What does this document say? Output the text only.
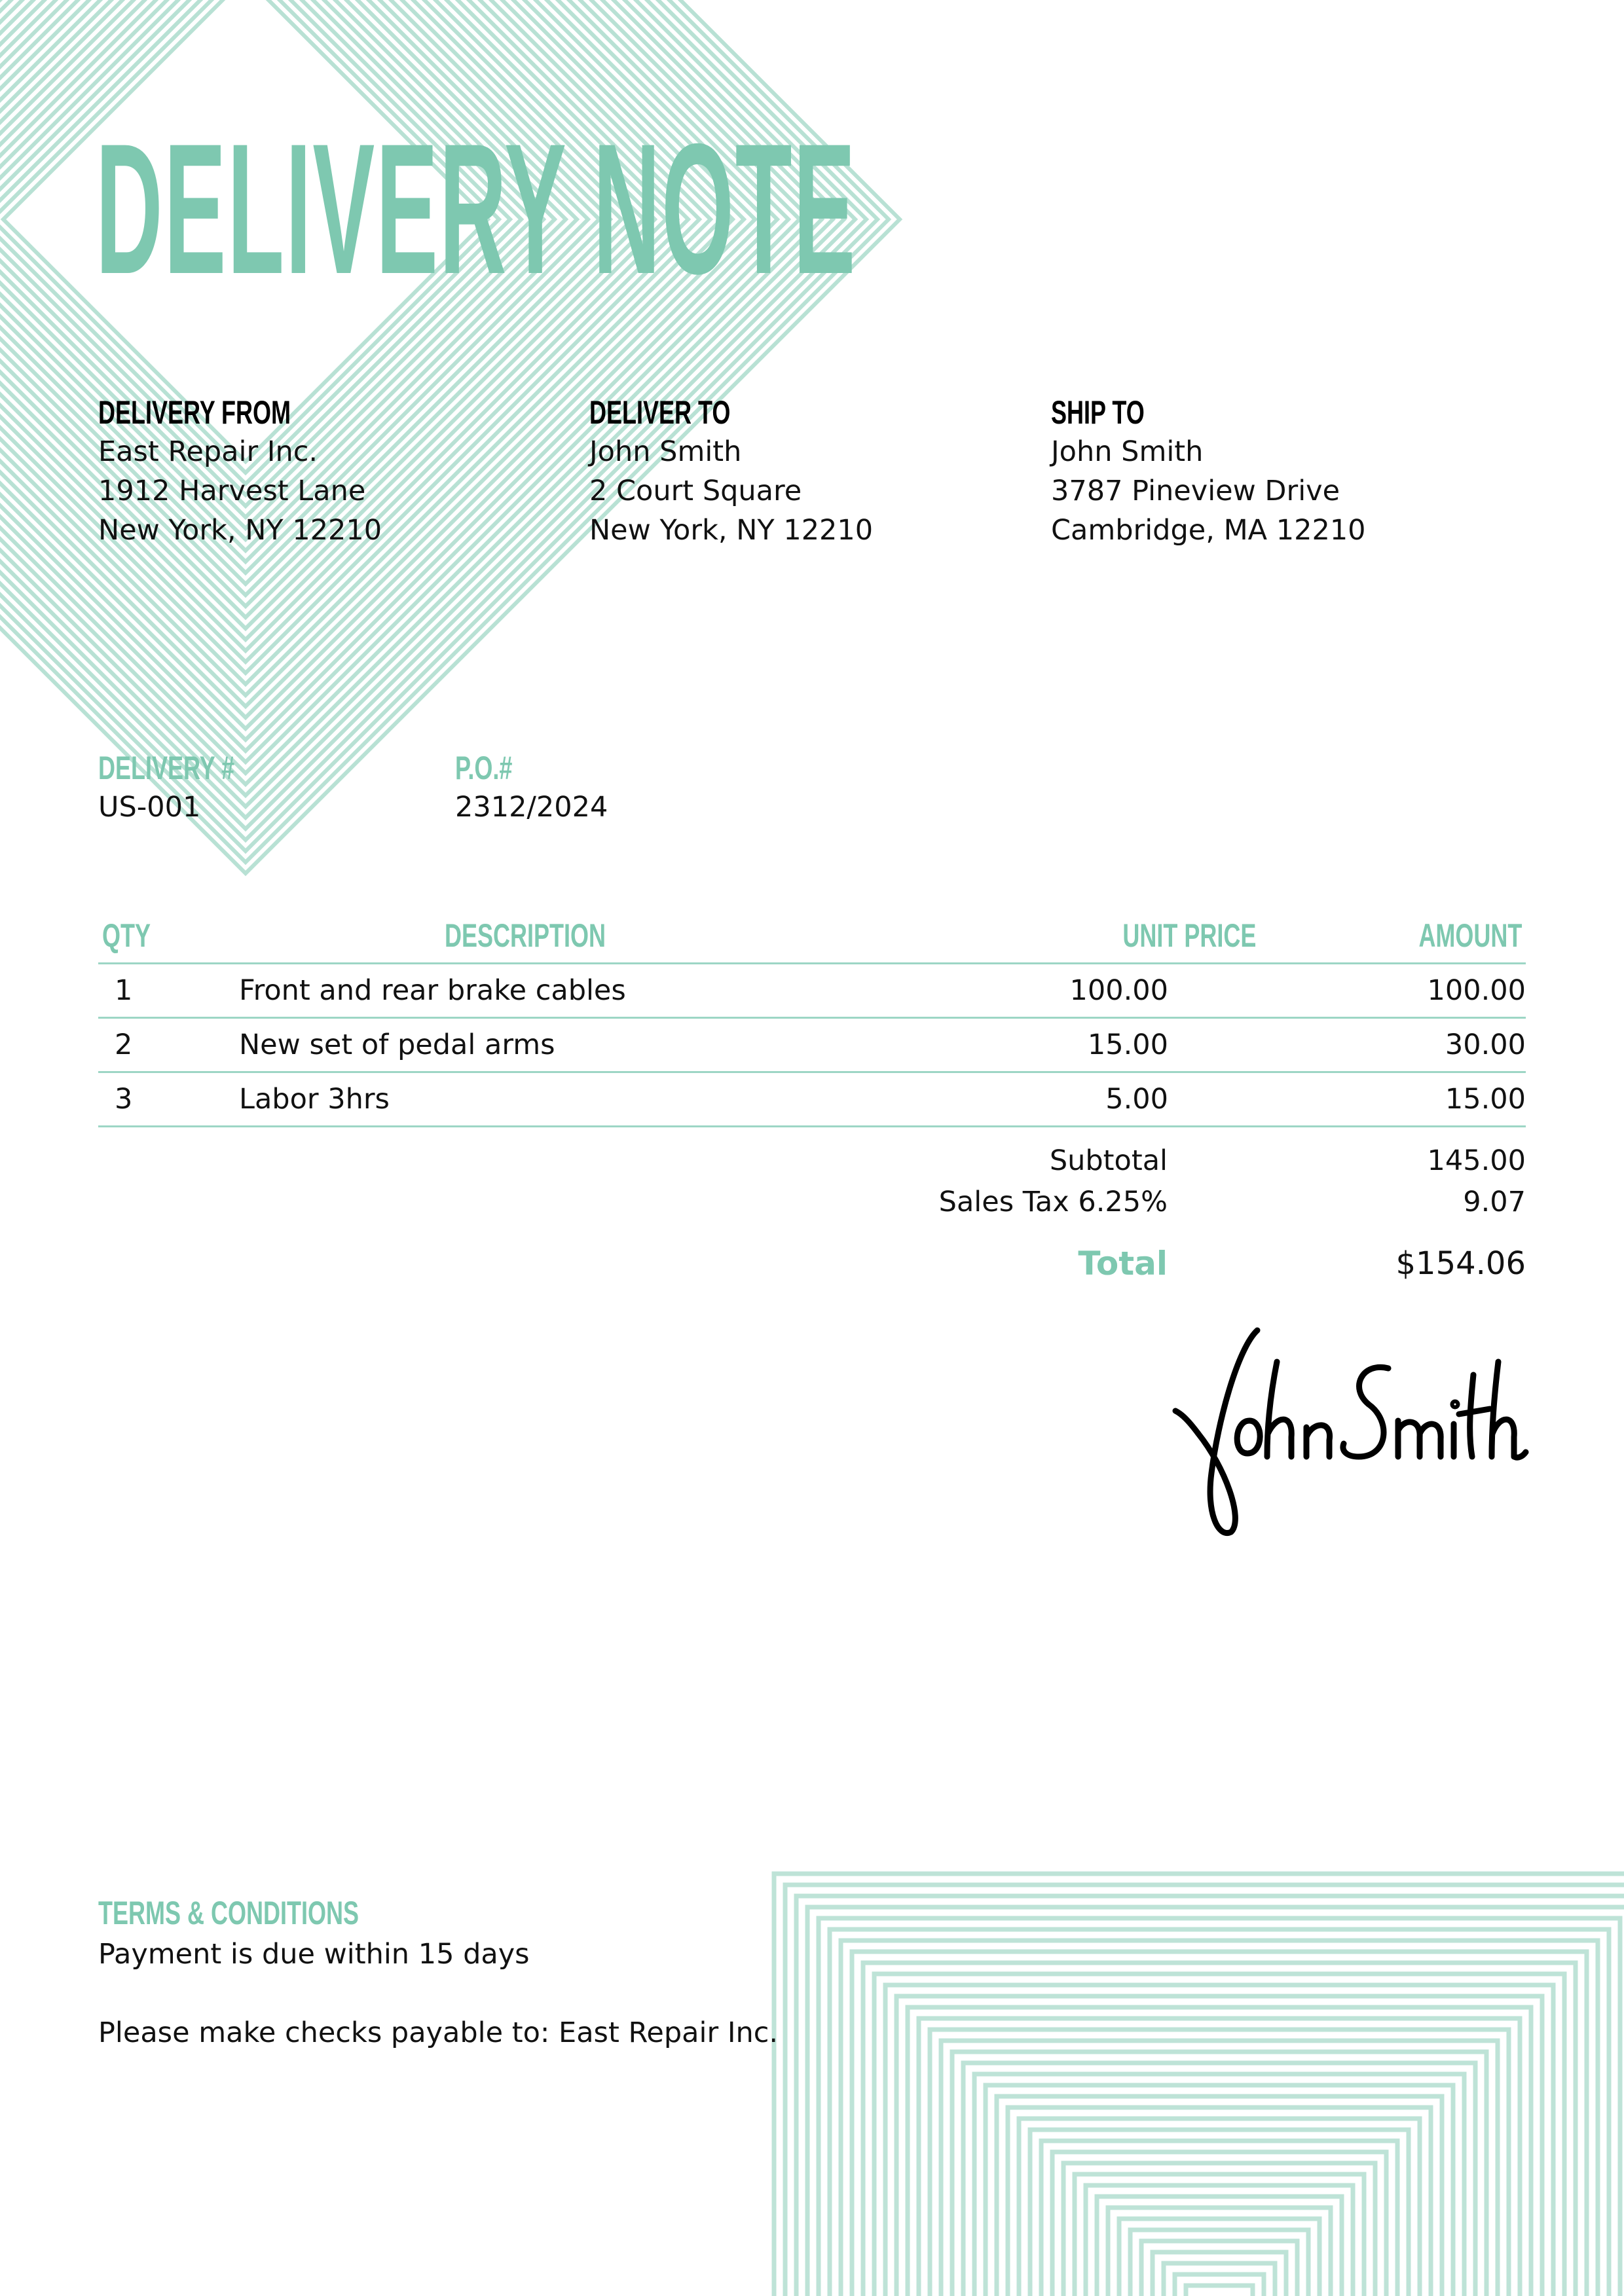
DELIVERY NOTE
DELIVERY FROM
East Repair Inc.
1912 Harvest Lane
New York, NY 12210
DELIVER TO
John Smith
2 Court Square
New York, NY 12210
SHIP TO
John Smith
3787 Pineview Drive
Cambridge, MA 12210
DELIVERY #
US-001
P.O.#
2312/2024
QTY	DESCRIPTION	UNIT PRICE	AMOUNT
1	Front and rear brake cables	100.00	100.00
2	New set of pedal arms	15.00	30.00
3	Labor 3hrs	5.00	15.00
Subtotal	145.00
Sales Tax 6.25%	9.07
Total	$154.06
TERMS & CONDITIONS
Payment is due within 15 days
Please make checks payable to: East Repair Inc.
